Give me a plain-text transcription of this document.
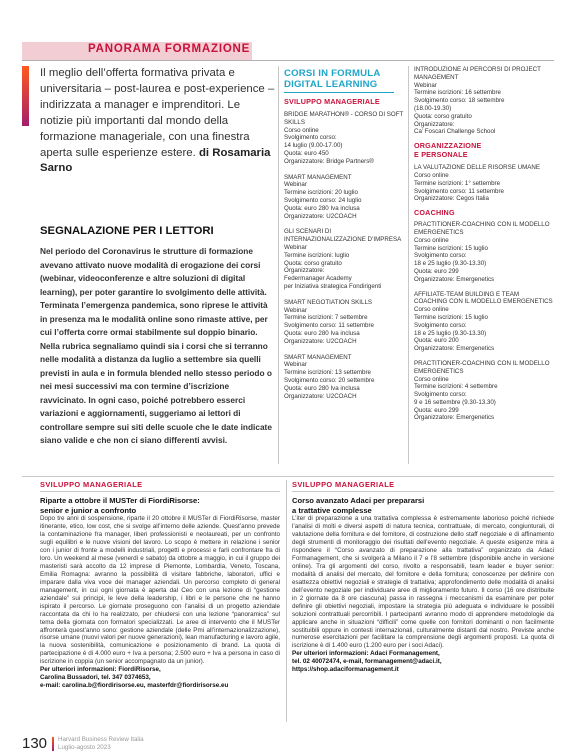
PANORAMA FORMAZIONE
Il meglio dell’offerta formativa privata e universitaria – post-laurea e post-experience – indirizzata a manager e imprenditori. Le notizie più importanti dal mondo della formazione manageriale, con una finestra aperta sulle esperienze estere. di Rosamaria Sarno
SEGNALAZIONE PER I LETTORI
Nel periodo del Coronavirus le strutture di formazione avevano attivato nuove modalità di erogazione dei corsi (webinar, videoconferenze e altre soluzioni di digital learning), per poter garantire lo svolgimento delle attività. Terminata l’emergenza pandemica, sono riprese le attività in presenza ma le modalità online sono rimaste attive, per cui l’offerta corre ormai stabilmente sul doppio binario. Nella rubrica segnaliamo quindi sia i corsi che si terranno nelle modalità a distanza da luglio a settembre sia quelli previsti in aula e in formula blended nello stesso periodo o nei mesi successivi ma con termine d’iscrizione ravvicinato. In ogni caso, poiché potrebbero esserci variazioni e aggiornamenti, suggeriamo ai lettori di controllare sempre sui siti delle scuole che le date indicate siano valide e che non ci siano differenti avvisi.
CORSI IN FORMULA
DIGITAL LEARNING
SVILUPPO MANAGERIALE
BRIDGE MARATHON® - CORSO DI SOFT SKILLS
Corso online
Svolgimento corso:
14 luglio (9.00-17.00)
Quota: euro 450
Organizzatore: Bridge Partners®
SMART MANAGEMENT
Webinar
Termine iscrizioni: 20 luglio
Svolgimento corso: 24 luglio
Quota: euro 280 Iva inclusa
Organizzatore: U2COACH
GLI SCENARI DI INTERNAZIONALIZZAZIONE D’IMPRESA
Webinar
Termine iscrizioni: luglio
Quota: corso gratuito
Organizzatore:
Federmanager Academy
per Iniziativa strategica Fondirigenti
SMART NEGOTIATION SKILLS
Webinar
Termine iscrizioni: 7 settembre
Svolgimento corso: 11 settembre
Quota: euro 280 Iva inclusa
Organizzatore: U2COACH
SMART MANAGEMENT
Webinar
Termine iscrizioni: 13 settembre
Svolgimento corso: 20 settembre
Quota: euro 280 Iva inclusa
Organizzatore: U2COACH
INTRODUZIONE AI PERCORSI DI PROJECT MANAGEMENT
Webinar
Termine iscrizioni: 16 settembre
Svolgimento corso: 18 settembre
(18.00-19.30)
Quota: corso gratuito
Organizzatore:
Ca’ Foscari Challenge School
ORGANIZZAZIONE
E PERSONALE
LA VALUTAZIONE DELLE RISORSE UMANE
Corso online
Termine iscrizioni: 1° settembre
Svolgimento corso: 11 settembre
Organizzatore: Cegos Italia
COACHING
PRACTITIONER-COACHING CON IL MODELLO EMERGENETICS
Corso online
Termine iscrizioni: 15 luglio
Svolgimento corso:
18 e 25 luglio (9.30-13.30)
Quota: euro 299
Organizzatore: Emergenetics
AFFILIATE-TEAM BUILDING E TEAM COACHING CON IL MODELLO EMERGENETICS
Corso online
Termine iscrizioni: 15 luglio
Svolgimento corso:
18 e 25 luglio (9.30-13.30)
Quota: euro 200
Organizzatore: Emergenetics
PRACTITIONER-COACHING CON IL MODELLO EMERGENETICS
Corso online
Termine iscrizioni: 4 settembre
Svolgimento corso:
9 e 16 settembre (9.30-13.30)
Quota: euro 299
Organizzatore: Emergenetics
SVILUPPO MANAGERIALE
Riparte a ottobre il MUSTer di FiordiRisorse:
senior e junior a confronto
Dopo tre anni di sospensione, riparte il 20 ottobre il MUSTer di FiordiRisorse, master itinerante, etico, low cost, che si svolge all’interno delle aziende. Quest’anno prevede la contaminazione fra manager, liberi professionisti e neolaureati, per un confronto sugli equilibri e le nuove visioni del lavoro. Lo scopo è mettere in relazione i senior con i junior di fronte a modelli industriali, progetti e processi e farli confrontare fra di loro. Un weekend al mese (venerdì e sabato) da ottobre a maggio, in cui il gruppo dei masteristi sarà accolto da 12 imprese di Piemonte, Lombardia, Veneto, Toscana, Emilia Romagna: avranno la possibilità di visitare fabbriche, laboratori, uffici e imparare dalla viva voce dei manager aziendali. Un percorso completo di general management, in cui ogni giornata è aperta dal Ceo con una lezione di “gestione aziendale” sui principi, le leve della leadership, i libri e le persone che ne hanno ispirato il percorso. Le giornate proseguono con l’analisi di un progetto aziendale raccontata da chi lo ha realizzato, per chiudersi con una lezione “panoramica” sul tema della giornata con formatori specializzati. Le aree di intervento che il MUSTer affronterà quest’anno sono: gestione aziendale (delle Pmi all’internazionalizzazione), risorse umane (nuovi valori per nuove generazioni), lean manufacturing e lavoro agile, la nuova sostenibilità, comunicazione e posizionamento di brand. La quota di partecipazione è di 4.000 euro + Iva a persona; 2.500 euro + Iva a persona in caso di iscrizione in coppia (un senior accompagnato da un junior).
Per ulteriori informazioni: FiordiRisorse,
Carolina Bussadori, tel. 347 0374653,
e-mail: carolina.b@fiordirisorse.eu, masterfdr@fiordirisorse.eu
SVILUPPO MANAGERIALE
Corso avanzato Adaci per prepararsi
a trattative complesse
L’iter di preparazione a una trattativa complessa è estremamente laborioso poiché richiede l’analisi di molti e diversi aspetti di natura tecnica, contrattuale, di mercato, congiunturali, di valutazione della fornitura e del fornitore, di costruzione dello staff negoziale e di affinamento degli strumenti di monitoraggio dei risultati dell’evento negoziale. A queste esigenze mira a rispondere il “Corso avanzato di preparazione alla trattativa” organizzato da Adaci Formanagement, che si svolgerà a Milano il 7 e l’8 settembre (disponibile anche in versione online). Tra gli argomenti del corso, rivolto a responsabili, team leader e buyer senior: modalità di analisi del mercato, del fornitore e della fornitura; conoscenze per definire con esattezza obiettivi negoziali e strategie di trattativa; approfondimento delle modalità di analisi dell’evento negoziale per individuare aree di miglioramento futuro. Il corso (16 ore distribuite in 2 giornate da 8 ore ciascuna) passa in rassegna i meccanismi da esaminare per poter definire gli obiettivi negoziali, impostare la strategia più adeguata e individuare le possibili soluzioni contrattuali percorribili. I partecipanti avranno modo di apprendere metodologie da applicare anche in situazioni “difficili” come quelle con fornitori dominanti o non facilmente sostituibili oppure in contesti internazionali, culturalmente distanti dal nostro. Previste anche numerose esercitazioni per facilitare la comprensione degli argomenti proposti. La quota di iscrizione è di 1.400 euro (1.200 euro per i soci Adaci).
Per ulteriori informazioni: Adaci Formanagement,
tel. 02 40072474, e-mail, formanagement@adaci.it,
https://shop.adaciformanagement.it
130 Harvard Business Review Italia
Luglio-agosto 2023
